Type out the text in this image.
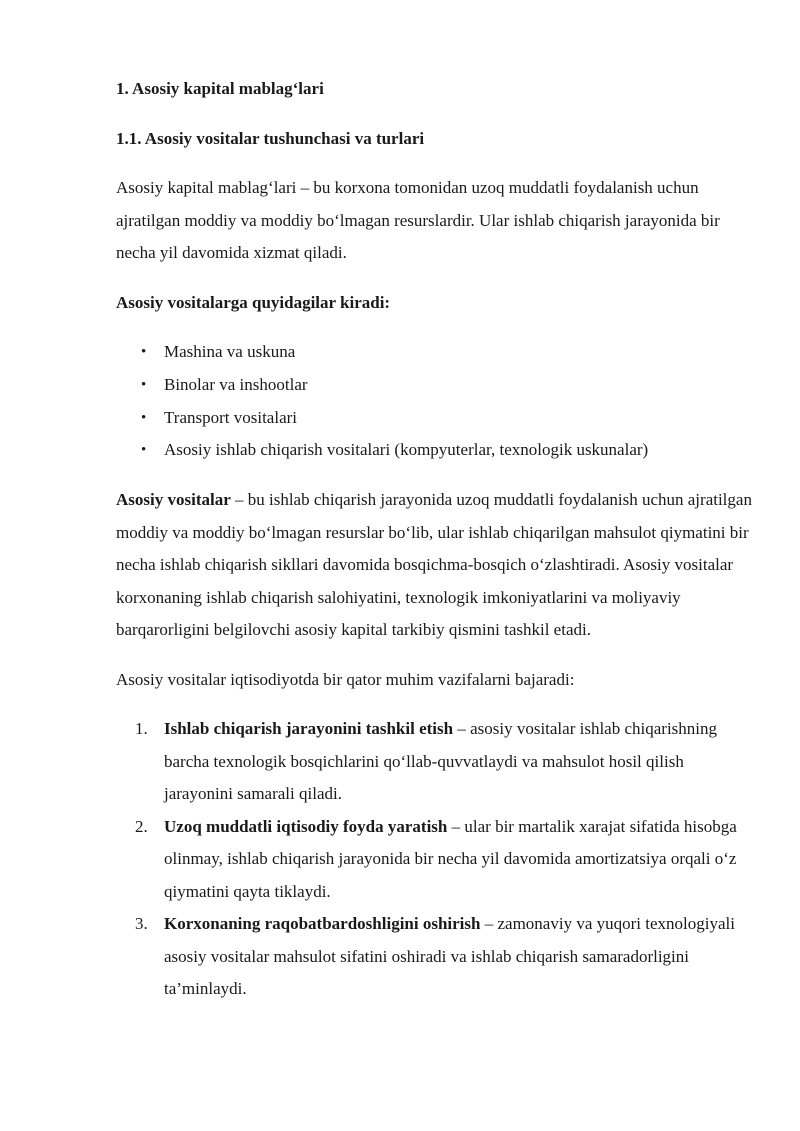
1. Asosiy kapital mablag‘lari

1.1. Asosiy vositalar tushunchasi va turlari

Asosiy kapital mablag‘lari – bu korxona tomonidan uzoq muddatli foydalanish uchun ajratilgan moddiy va moddiy bo‘lmagan resurslardir. Ular ishlab chiqarish jarayonida bir necha yil davomida xizmat qiladi.

Asosiy vositalarga quyidagilar kiradi:

• Mashina va uskuna
• Binolar va inshootlar
• Transport vositalari
• Asosiy ishlab chiqarish vositalari (kompyuterlar, texnologik uskunalar)

Asosiy vositalar – bu ishlab chiqarish jarayonida uzoq muddatli foydalanish uchun ajratilgan moddiy va moddiy bo‘lmagan resurslar bo‘lib, ular ishlab chiqarilgan mahsulot qiymatini bir necha ishlab chiqarish sikllari davomida bosqichma-bosqich o‘zlashtiradi. Asosiy vositalar korxonaning ishlab chiqarish salohiyatini, texnologik imkoniyatlarini va moliyaviy barqarorligini belgilovchi asosiy kapital tarkibiy qismini tashkil etadi.

Asosiy vositalar iqtisodiyotda bir qator muhim vazifalarni bajaradi:

1. Ishlab chiqarish jarayonini tashkil etish – asosiy vositalar ishlab chiqarishning barcha texnologik bosqichlarini qo‘llab-quvvatlaydi va mahsulot hosil qilish jarayonini samarali qiladi.
2. Uzoq muddatli iqtisodiy foyda yaratish – ular bir martalik xarajat sifatida hisobga olinmay, ishlab chiqarish jarayonida bir necha yil davomida amortizatsiya orqali o‘z qiymatini qayta tiklaydi.
3. Korxonaning raqobatbardoshligini oshirish – zamonaviy va yuqori texnologiyali asosiy vositalar mahsulot sifatini oshiradi va ishlab chiqarish samaradorligini ta’minlaydi.
